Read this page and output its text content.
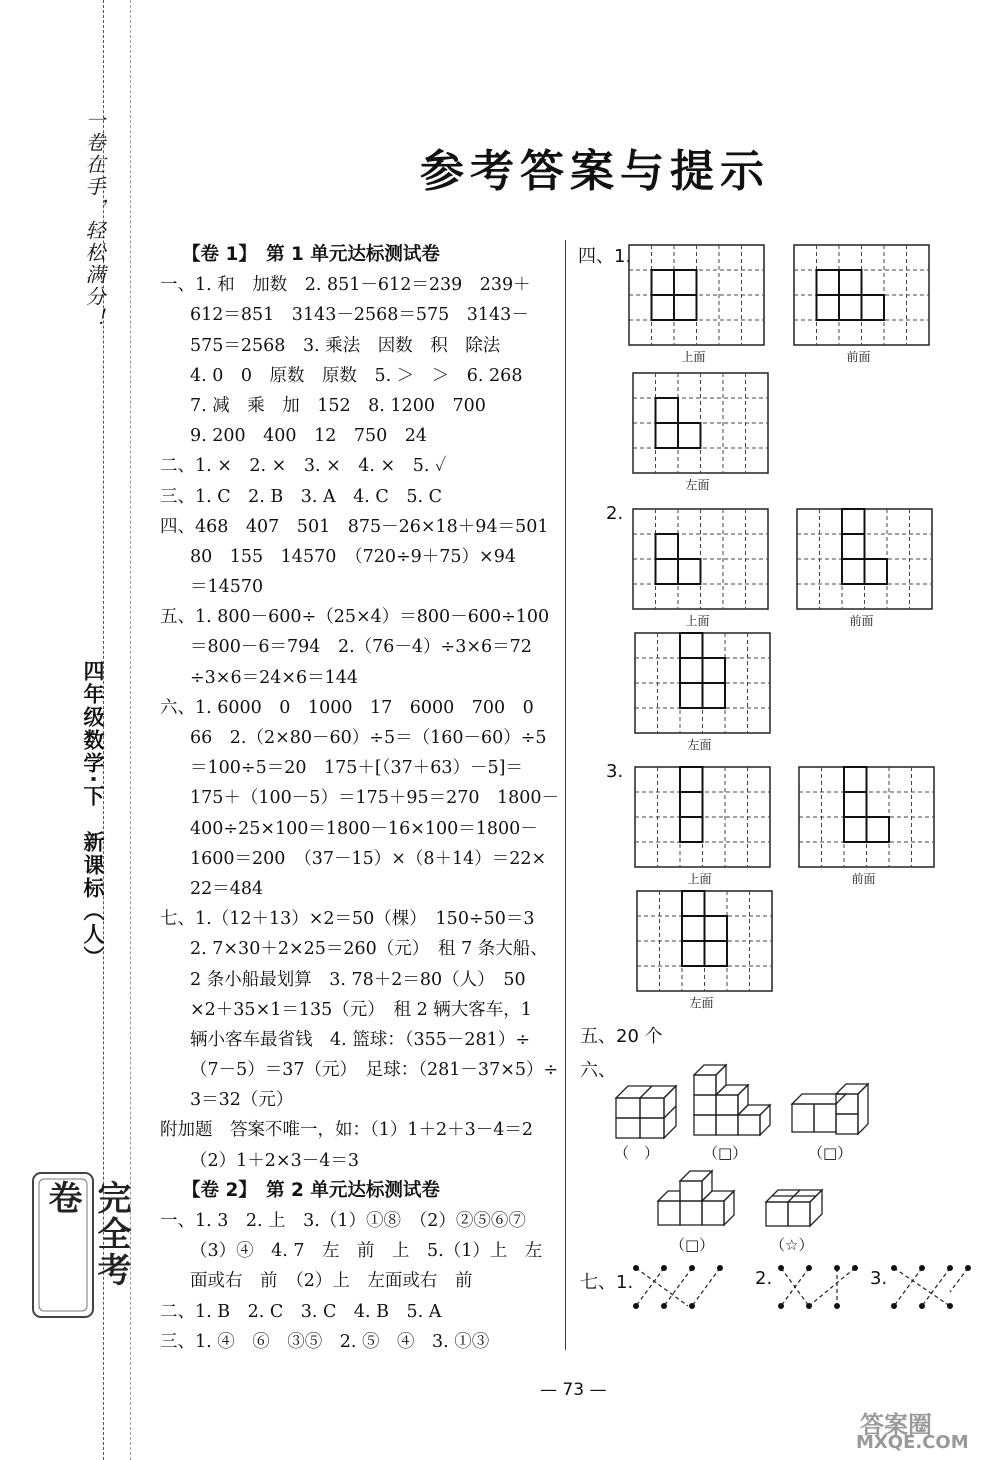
一卷在手，轻松满分！
四年级数学·下　新课标（人）
完全考卷
参考答案与提示
【卷 1】　第 1 单元达标测试卷
一、1. 和　加数　2. 851－612＝239　239＋
612＝851　3143－2568＝575　3143－
575＝2568　3. 乘法　因数　积　除法
4. 0　0　原数　原数　5. ＞　＞　6. 268
7. 减　乘　加　152　8. 1200　700
9. 200　400　12　750　24
二、1. ×　2. ×　3. ×　4. ×　5. ✓
三、1. C　2. B　3. A　4. C　5. C
四、468　407　501　875－26×18＋94＝501
80　155　14570　（720÷9＋75）×94
＝14570
五、1. 800－600÷（25×4）＝800－600÷100
＝800－6＝794　2.（76－4）÷3×6＝72
÷3×6＝24×6＝144
六、1. 6000　0　1000　17　6000　700　0
66　2.（2×80－60）÷5＝（160－60）÷5
＝100÷5＝20　175＋[（37＋63）－5]＝
175＋（100－5）＝175＋95＝270　1800－
400÷25×100＝1800－16×100＝1800－
1600＝200　（37－15）×（8＋14）＝22×
22＝484
七、1.（12＋13）×2＝50（棵）　150÷50＝3
2. 7×30＋2×25＝260（元）　租 7 条大船、
2 条小船最划算　3. 78＋2＝80（人）　50
×2＋35×1＝135（元）　租 2 辆大客车，1
辆小客车最省钱　4. 篮球：（355－281）÷
（7－5）＝37（元）　足球：（281－37×5）÷
3＝32（元）
附加题　答案不唯一，如：（1）1＋2＋3－4＝2
（2）1＋2×3－4＝3
【卷 2】　第 2 单元达标测试卷
一、1. 3　2. 上　3.（1）①⑧　（2）②⑤⑥⑦
（3）④　4. 7　左　前　上　5.（1）上　左
面或右　前　（2）上　左面或右　前
二、1. B　2. C　3. C　4. B　5. A
三、1. ④　⑥　③⑤　2. ⑤　④　3. ①③
四、1.
2.
3.
五、20 个
六、
七、1.	2.	3.
（　）	（□）	（□）
（□）	（☆）
— 73 —
答案圈
MXQE.COM
上面	前面
左面
上面	前面
左面
上面	前面
左面
